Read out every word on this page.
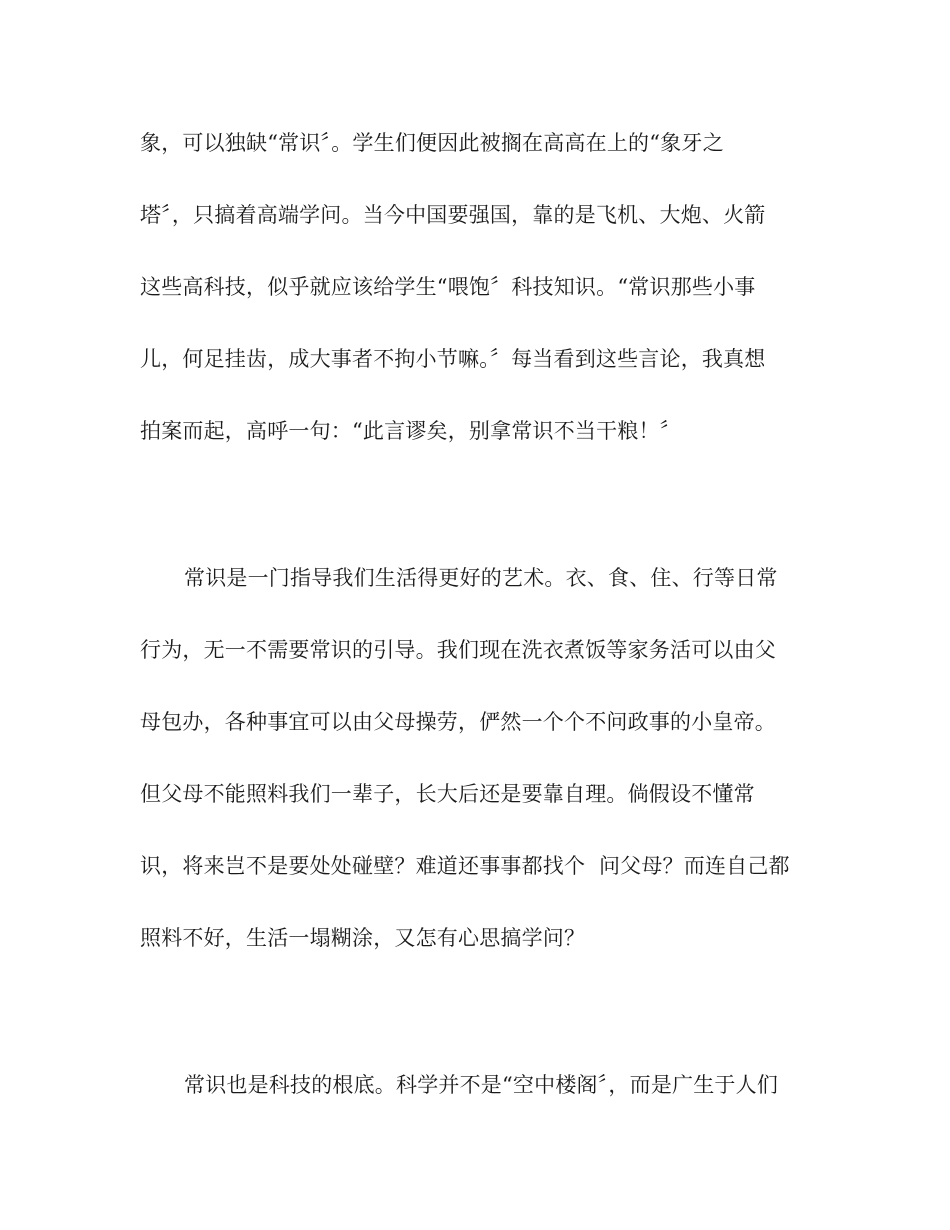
象，可以独缺“常识〞。学生们便因此被搁在高高在上的“象牙之
塔〞，只搞着高端学问。当今中国要强国，靠的是飞机、大炮、火箭
这些高科技，似乎就应该给学生“喂饱〞科技知识。“常识那些小事
儿，何足挂齿，成大事者不拘小节嘛。〞每当看到这些言论，我真想
拍案而起，高呼一句：“此言谬矣，别拿常识不当干粮！〞
常识是一门指导我们生活得更好的艺术。衣、食、住、行等日常
行为，无一不需要常识的引导。我们现在洗衣煮饭等家务活可以由父
母包办，各种事宜可以由父母操劳，俨然一个个不问政事的小皇帝。
但父母不能照料我们一辈子，长大后还是要靠自理。倘假设不懂常
识，将来岂不是要处处碰壁？难道还事事都找个  问父母？而连自己都
照料不好，生活一塌糊涂，又怎有心思搞学问？
常识也是科技的根底。科学并不是“空中楼阁〞，而是广生于人们
